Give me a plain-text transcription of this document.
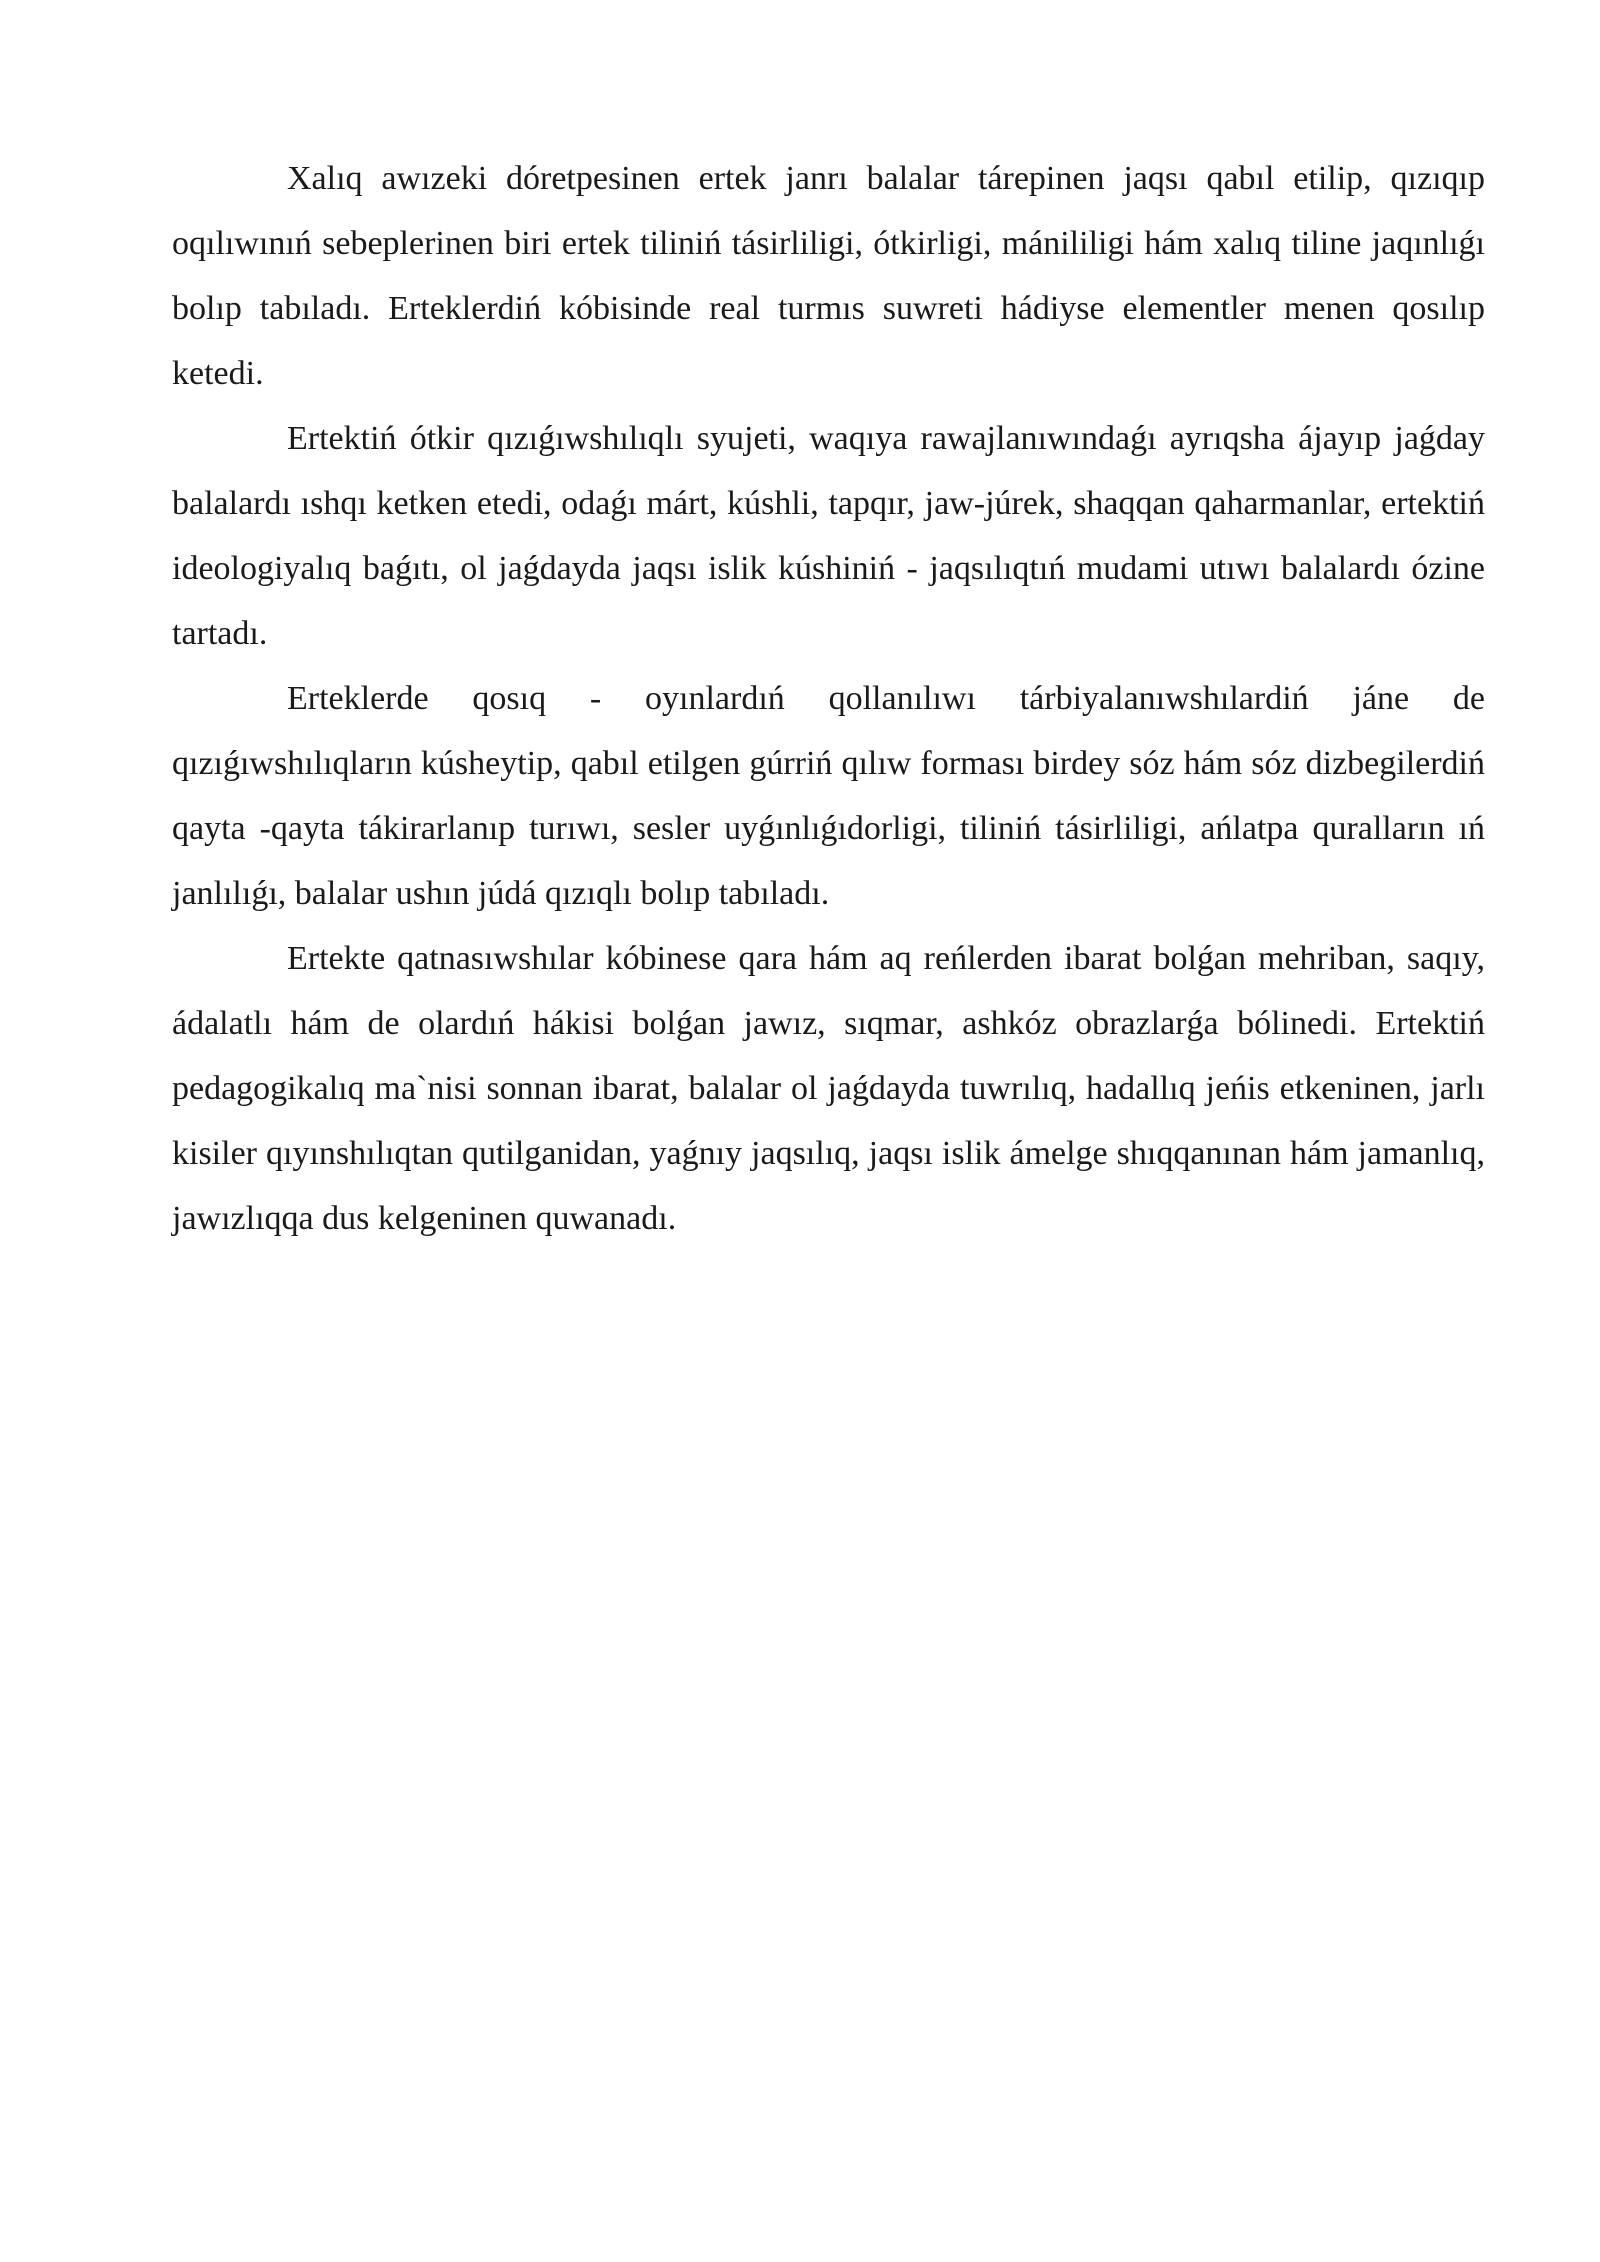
Xalıq awızeki dóretpesinen ertek janrı balalar tárepinen jaqsı qabıl etilip, qızıqıp oqılıwınıń sebeplerinen biri ertek tiliniń tásirliligi, ótkirligi, mánililigi hám xalıq tiline jaqınlıǵı bolıp tabıladı. Erteklerdiń kóbisinde real turmıs suwreti hádiyse elementler menen qosılıp ketedi.

Ertektiń ótkir qızıǵıwshılıqlı syujeti, waqıya rawajlanıwındaǵı ayrıqsha ájayıp jaǵday balalardı ıshqı ketken etedi, odaǵı márt, kúshli, tapqır, jaw-júrek, shaqqan qaharmanlar, ertektiń ideologiyalıq baǵıtı, ol jaǵdayda jaqsı islik kúshiniń - jaqsılıqtıń mudami utıwı balalardı ózine tartadı.

Erteklerde qosıq - oyınlardıń qollanılıwı tárbiyalanıwshılardiń jáne de qızıǵıwshılıqların kúsheytip, qabıl etilgen gúrriń qılıw forması birdey sóz hám sóz dizbegilerdiń qayta -qayta tákirarlanıp turıwı, sesler uyǵınlıǵıdorligi, tiliniń tásirliligi, ańlatpa quralların ıń janlılıǵı, balalar ushın júdá qızıqlı bolıp tabıladı.

Ertekte qatnasıwshılar kóbinese qara hám aq reńlerden ibarat bolǵan mehriban, saqıy, ádalatlı hám de olardıń hákisi bolǵan jawız, sıqmar, ashkóz obrazlarǵa bólinedi. Ertektiń pedagogikalıq ma`nisi sonnan ibarat, balalar ol jaǵdayda tuwrılıq, hadallıq jeńis etkeninen, jarlı kisiler qıyınshılıqtan qutilganidan, yaǵnıy jaqsılıq, jaqsı islik ámelge shıqqanınan hám jamanlıq, jawızlıqqa dus kelgeninen quwanadı.
